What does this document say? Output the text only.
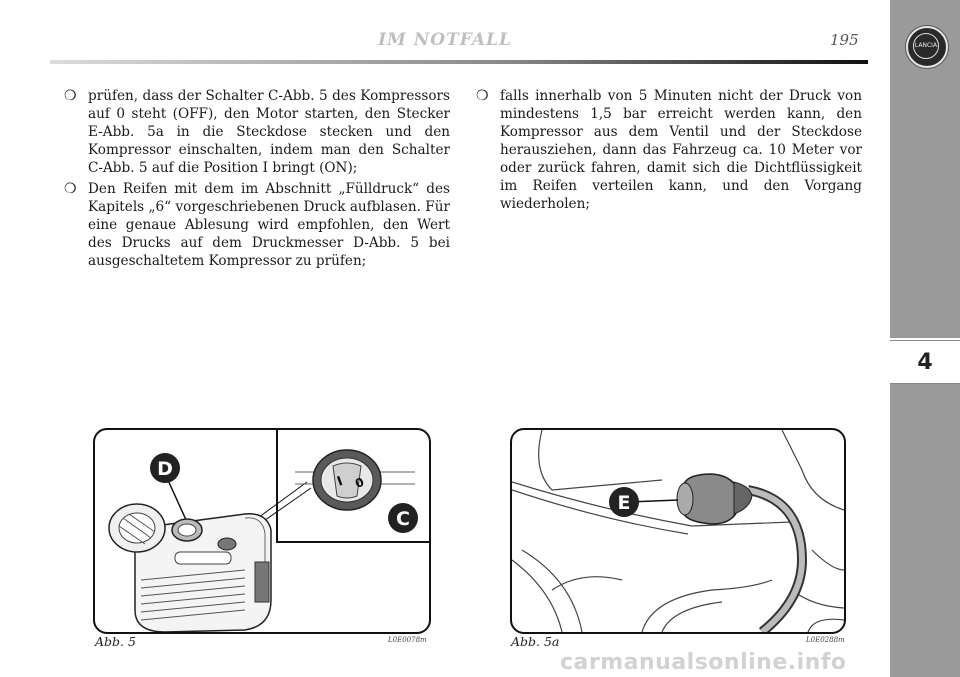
IM NOTFALL	195
4
LANCIA

❍ prüfen, dass der Schalter C-Abb. 5 des Kompressors auf 0 steht (OFF), den Motor starten, den Stecker E-Abb. 5a in die Steckdose stecken und den Kompressor einschalten, indem man den Schalter C-Abb. 5 auf die Position I bringt (ON);

❍ Den Reifen mit dem im Abschnitt „Fülldruck“ des Kapitels „6“ vorgeschriebenen Druck aufblasen. Für eine genaue Ablesung wird empfohlen, den Wert des Drucks auf dem Druckmesser D-Abb. 5 bei ausgeschaltetem Kompressor zu prüfen;

❍ falls innerhalb von 5 Minuten nicht der Druck von mindestens 1,5 bar erreicht werden kann, den Kompressor aus dem Ventil und der Steckdose herausziehen, dann das Fahrzeug ca. 10 Meter vor oder zurück fahren, damit sich die Dichtflüssigkeit im Reifen verteilen kann, und den Vorgang wiederholen;

D
I 0
C
Abb. 5	L0E0078m
E
Abb. 5a	L0E0288m
carmanualsonline.info
